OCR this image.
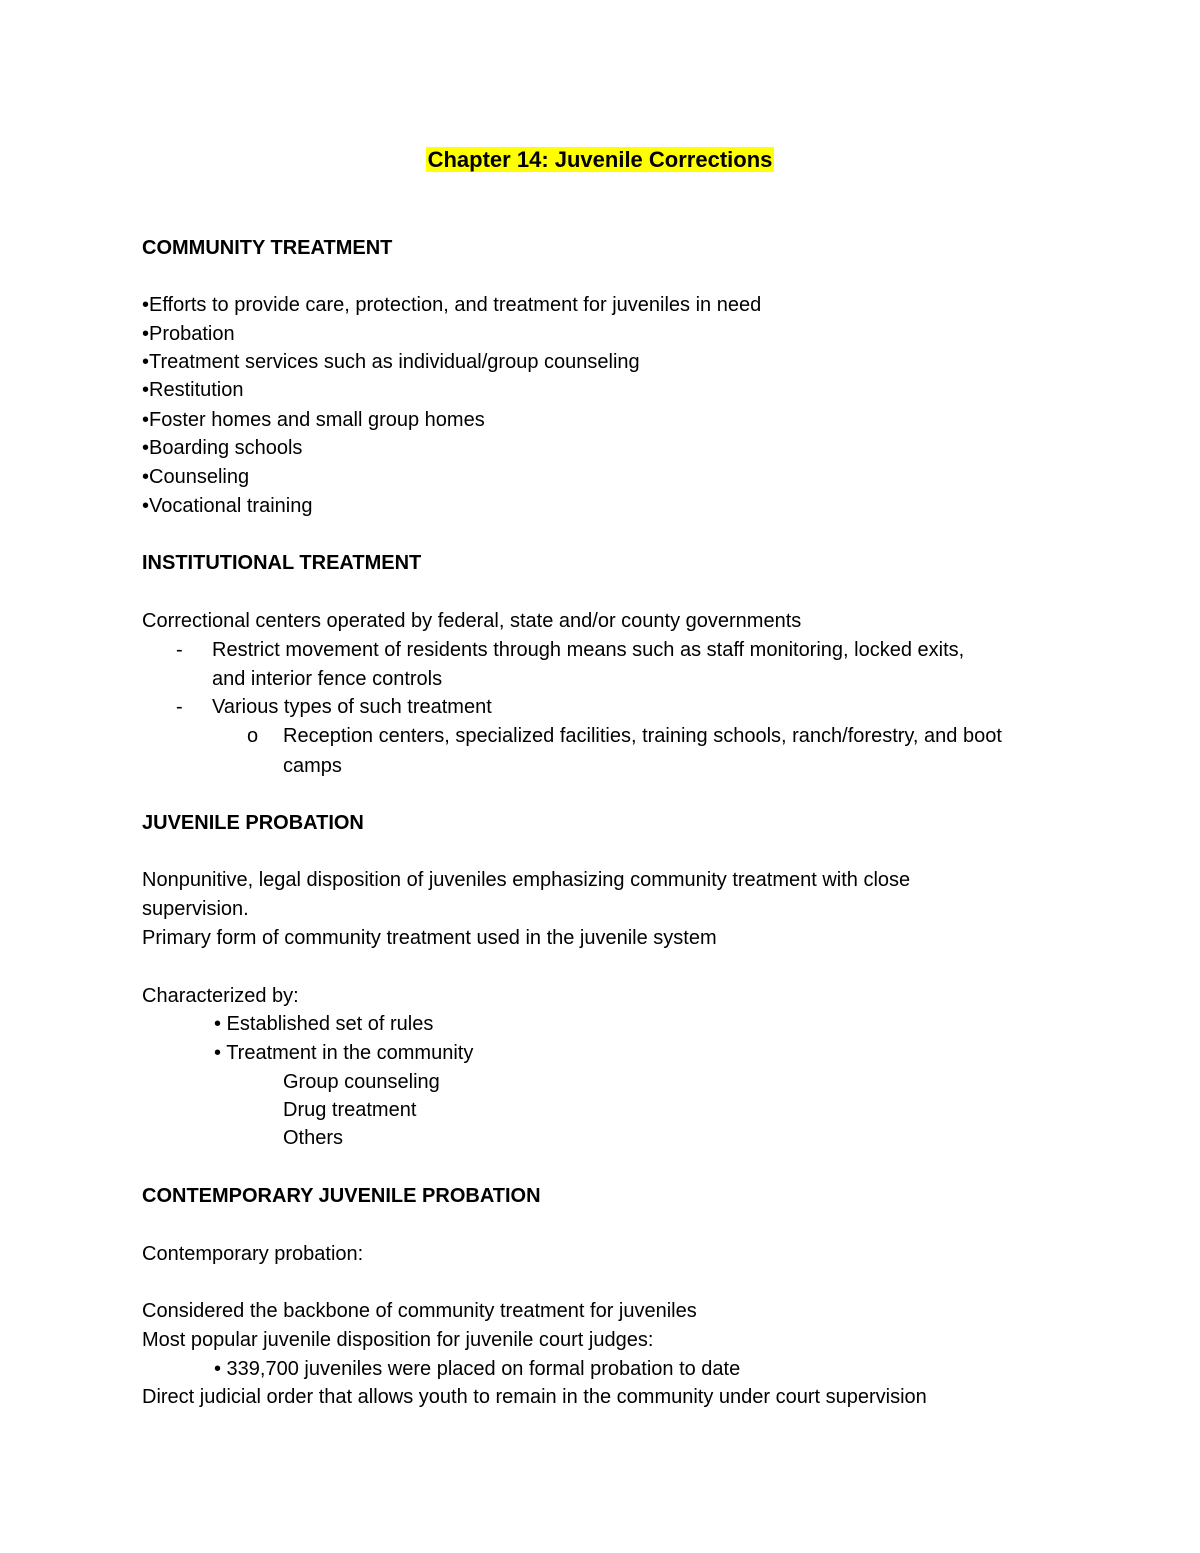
Chapter 14: Juvenile Corrections
COMMUNITY TREATMENT
•Efforts to provide care, protection, and treatment for juveniles in need
•Probation
•Treatment services such as individual/group counseling
•Restitution
•Foster homes and small group homes
•Boarding schools
•Counseling
•Vocational training
INSTITUTIONAL TREATMENT
Correctional centers operated by federal, state and/or county governments
- Restrict movement of residents through means such as staff monitoring, locked exits,
and interior fence controls
- Various types of such treatment
o Reception centers, specialized facilities, training schools, ranch/forestry, and boot
camps
JUVENILE PROBATION
Nonpunitive, legal disposition of juveniles emphasizing community treatment with close
supervision.
Primary form of community treatment used in the juvenile system
Characterized by:
• Established set of rules
• Treatment in the community
Group counseling
Drug treatment
Others
CONTEMPORARY JUVENILE PROBATION
Contemporary probation:
Considered the backbone of community treatment for juveniles
Most popular juvenile disposition for juvenile court judges:
• 339,700 juveniles were placed on formal probation to date
Direct judicial order that allows youth to remain in the community under court supervision
